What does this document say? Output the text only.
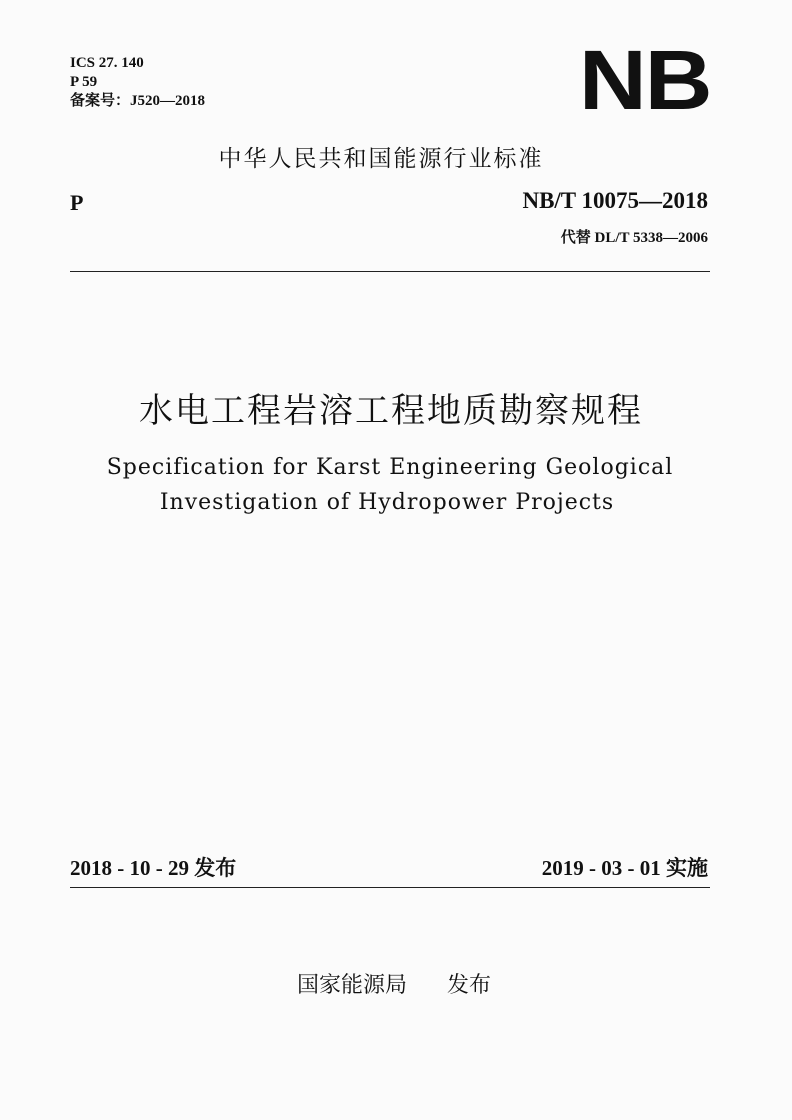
ICS 27. 140
P 59
备案号：J520—2018	NB
中华人民共和国能源行业标准
P	NB/T 10075—2018
代替 DL/T 5338—2006
水电工程岩溶工程地质勘察规程
Specification for Karst Engineering Geological
Investigation of Hydropower Projects
2018 - 10 - 29 发布	2019 - 03 - 01 实施
国家能源局 发布
